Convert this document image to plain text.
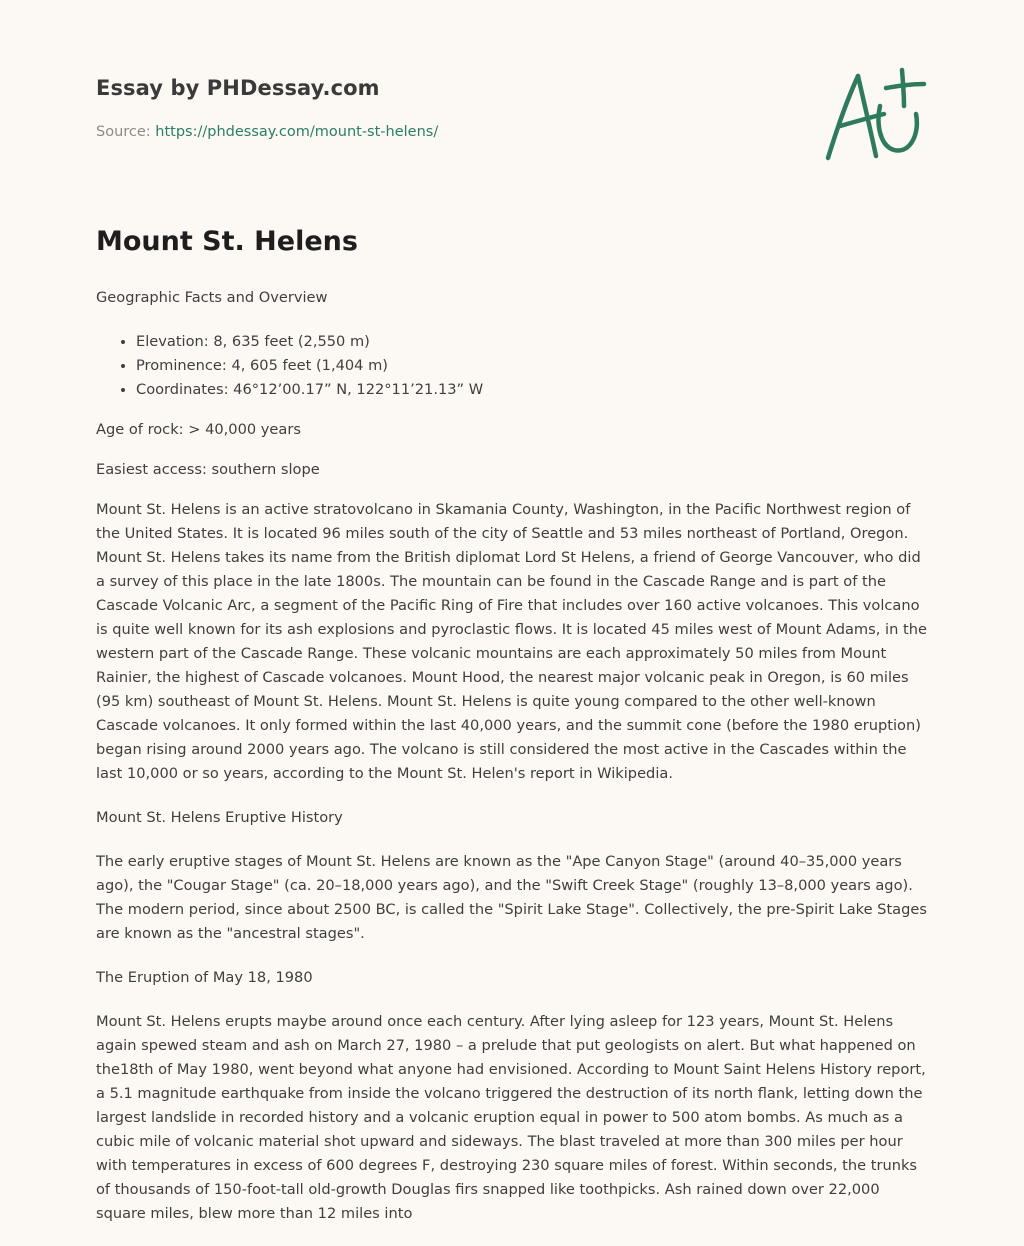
Essay by PHDessay.com
Source: https://phdessay.com/mount-st-helens/
Mount St. Helens

Geographic Facts and Overview

• Elevation: 8, 635 feet (2,550 m)
• Prominence: 4, 605 feet (1,404 m)
• Coordinates: 46°12’00.17” N, 122°11’21.13” W

Age of rock: > 40,000 years

Easiest access: southern slope

Mount St. Helens is an active stratovolcano in Skamania County, Washington, in the Pacific Northwest region of the United States. It is located 96 miles south of the city of Seattle and 53 miles northeast of Portland, Oregon. Mount St. Helens takes its name from the British diplomat Lord St Helens, a friend of George Vancouver, who did a survey of this place in the late 1800s. The mountain can be found in the Cascade Range and is part of the Cascade Volcanic Arc, a segment of the Pacific Ring of Fire that includes over 160 active volcanoes. This volcano is quite well known for its ash explosions and pyroclastic flows. It is located 45 miles west of Mount Adams, in the western part of the Cascade Range. These volcanic mountains are each approximately 50 miles from Mount Rainier, the highest of Cascade volcanoes. Mount Hood, the nearest major volcanic peak in Oregon, is 60 miles (95 km) southeast of Mount St. Helens. Mount St. Helens is quite young compared to the other well-known Cascade volcanoes. It only formed within the last 40,000 years, and the summit cone (before the 1980 eruption) began rising around 2000 years ago. The volcano is still considered the most active in the Cascades within the last 10,000 or so years, according to the Mount St. Helen's report in Wikipedia.

Mount St. Helens Eruptive History

The early eruptive stages of Mount St. Helens are known as the "Ape Canyon Stage" (around 40–35,000 years ago), the "Cougar Stage" (ca. 20–18,000 years ago), and the "Swift Creek Stage" (roughly 13–8,000 years ago). The modern period, since about 2500 BC, is called the "Spirit Lake Stage". Collectively, the pre-Spirit Lake Stages are known as the "ancestral stages".

The Eruption of May 18, 1980

Mount St. Helens erupts maybe around once each century. After lying asleep for 123 years, Mount St. Helens again spewed steam and ash on March 27, 1980 – a prelude that put geologists on alert. But what happened on the18th of May 1980, went beyond what anyone had envisioned. According to Mount Saint Helens History report, a 5.1 magnitude earthquake from inside the volcano triggered the destruction of its north flank, letting down the largest landslide in recorded history and a volcanic eruption equal in power to 500 atom bombs. As much as a cubic mile of volcanic material shot upward and sideways. The blast traveled at more than 300 miles per hour with temperatures in excess of 600 degrees F, destroying 230 square miles of forest. Within seconds, the trunks of thousands of 150-foot-tall old-growth Douglas firs snapped like toothpicks. Ash rained down over 22,000 square miles, blew more than 12 miles into
